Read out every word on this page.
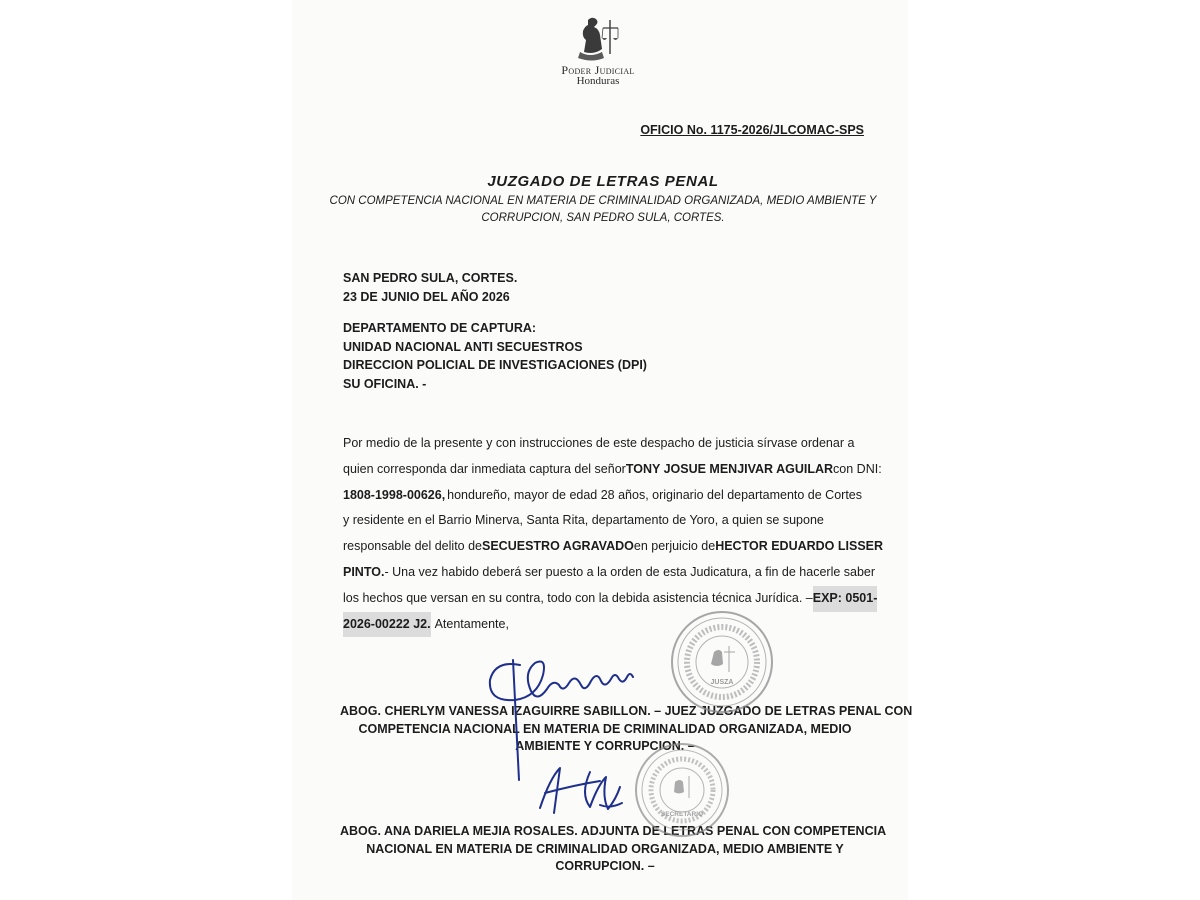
Poder Judicial
Honduras
OFICIO No. 1175-2026/JLCOMAC-SPS
JUZGADO DE LETRAS PENAL
CON COMPETENCIA NACIONAL EN MATERIA DE CRIMINALIDAD ORGANIZADA, MEDIO AMBIENTE Y
CORRUPCION, SAN PEDRO SULA, CORTES.
SAN PEDRO SULA, CORTES.
23 DE JUNIO DEL AÑO 2026
DEPARTAMENTO DE CAPTURA:
UNIDAD NACIONAL ANTI SECUESTROS
DIRECCION POLICIAL DE INVESTIGACIONES (DPI)
SU OFICINA. -
Por medio de la presente y con instrucciones de este despacho de justicia sírvase ordenar a
quien corresponda dar inmediata captura del señor TONY JOSUE MENJIVAR AGUILAR con DNI:
1808-1998-00626, hondureño, mayor de edad 28 años, originario del departamento de Cortes
y residente en el Barrio Minerva, Santa Rita, departamento de Yoro, a quien se supone
responsable del delito de SECUESTRO AGRAVADO en perjuicio de HECTOR EDUARDO LISSER
PINTO. - Una vez habido deberá ser puesto a la orden de esta Judicatura, a fin de hacerle saber
los hechos que versan en su contra, todo con la debida asistencia técnica Jurídica. – EXP: 0501-
2026-00222 J2. Atentamente,
ABOG. CHERLYM VANESSA IZAGUIRRE SABILLON. – JUEZ JUZGADO DE LETRAS PENAL CON
COMPETENCIA NACIONAL EN MATERIA DE CRIMINALIDAD ORGANIZADA, MEDIO
AMBIENTE Y CORRUPCION. –
ABOG. ANA DARIELA MEJIA ROSALES. ADJUNTA DE LETRAS PENAL CON COMPETENCIA
NACIONAL EN MATERIA DE CRIMINALIDAD ORGANIZADA, MEDIO AMBIENTE Y
CORRUPCION. –
JUSZA
SECRETARIO
